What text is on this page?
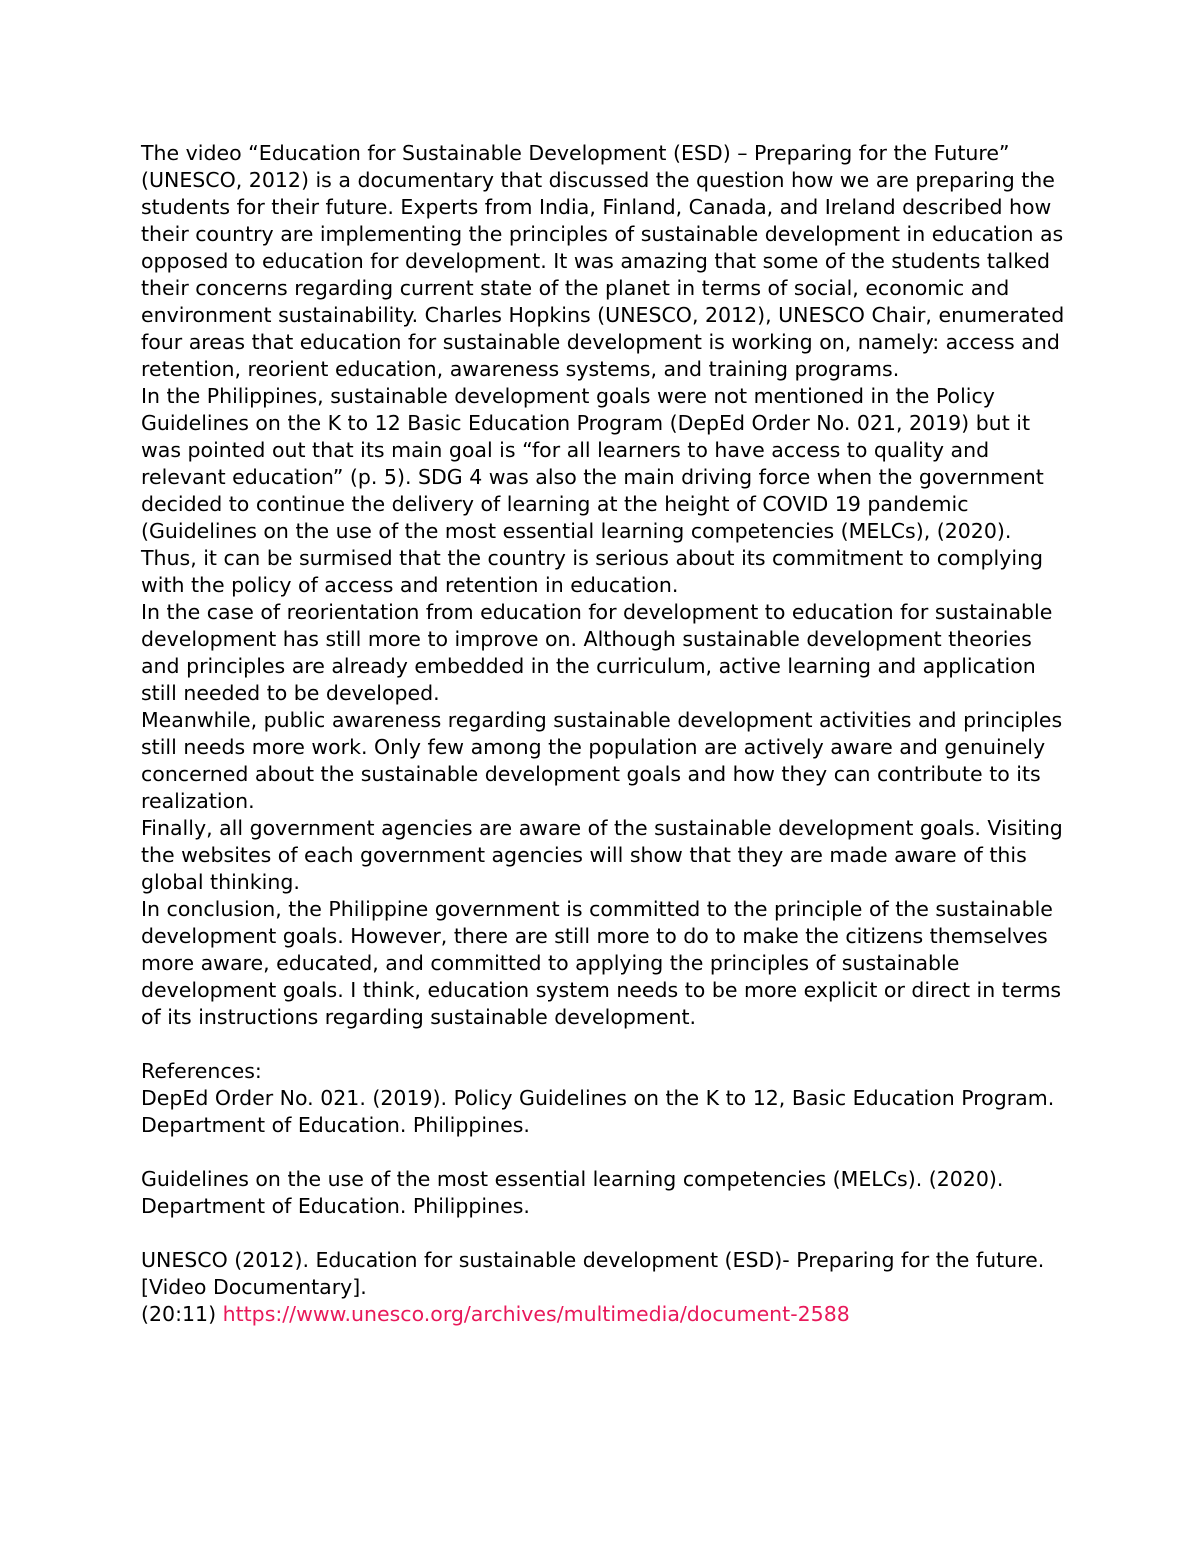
The video “Education for Sustainable Development (ESD) – Preparing for the Future” (UNESCO, 2012) is a documentary that discussed the question how we are preparing the students for their future. Experts from India, Finland, Canada, and Ireland described how their country are implementing the principles of sustainable development in education as opposed to education for development. It was amazing that some of the students talked their concerns regarding current state of the planet in terms of social, economic and environment sustainability. Charles Hopkins (UNESCO, 2012), UNESCO Chair, enumerated four areas that education for sustainable development is working on, namely: access and retention, reorient education, awareness systems, and training programs.

In the Philippines, sustainable development goals were not mentioned in the Policy Guidelines on the K to 12 Basic Education Program (DepEd Order No. 021, 2019) but it was pointed out that its main goal is “for all learners to have access to quality and relevant education” (p. 5). SDG 4 was also the main driving force when the government decided to continue the delivery of learning at the height of COVID 19 pandemic (Guidelines on the use of the most essential learning competencies (MELCs), (2020). Thus, it can be surmised that the country is serious about its commitment to complying with the policy of access and retention in education.

In the case of reorientation from education for development to education for sustainable development has still more to improve on. Although sustainable development theories and principles are already embedded in the curriculum, active learning and application still needed to be developed.

Meanwhile, public awareness regarding sustainable development activities and principles still needs more work. Only few among the population are actively aware and genuinely concerned about the sustainable development goals and how they can contribute to its realization.

Finally, all government agencies are aware of the sustainable development goals. Visiting the websites of each government agencies will show that they are made aware of this global thinking.

In conclusion, the Philippine government is committed to the principle of the sustainable development goals. However, there are still more to do to make the citizens themselves more aware, educated, and committed to applying the principles of sustainable development goals. I think, education system needs to be more explicit or direct in terms of its instructions regarding sustainable development.

References:

DepEd Order No. 021. (2019). Policy Guidelines on the K to 12, Basic Education Program. Department of Education. Philippines.

Guidelines on the use of the most essential learning competencies (MELCs). (2020). Department of Education. Philippines.

UNESCO (2012). Education for sustainable development (ESD)- Preparing for the future. [Video Documentary].

(20:11) https://www.unesco.org/archives/multimedia/document-2588
